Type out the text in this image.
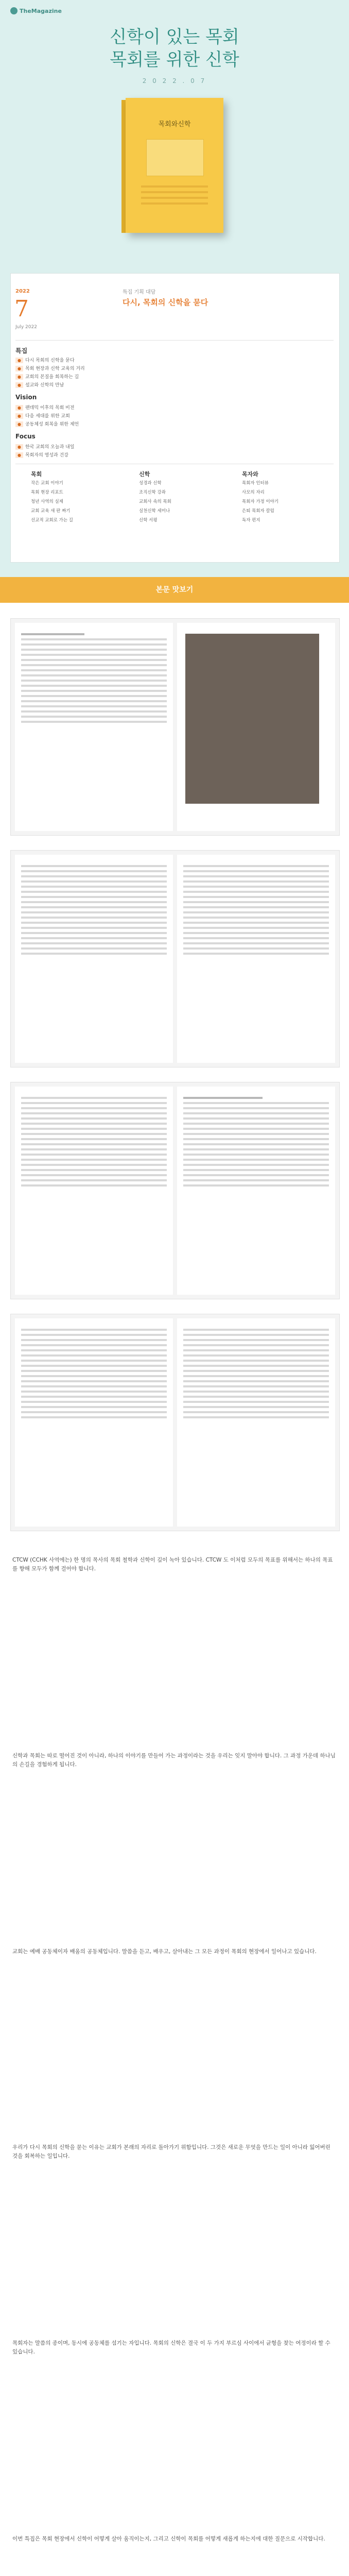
TheMagazine
신학이 있는 목회
목회를 위한 신학
2 0 2 2 . 0 7
목회와신학
2022
7
July 2022
특집 기획 대담
다시, 목회의 신학을 묻다
특집
● 다시 목회의 신학을 묻다
● 목회 현장과 신학 교육의 거리
● 교회의 본질을 회복하는 길
● 설교와 신학의 만남
Vision
● 팬데믹 이후의 목회 비전
● 다음 세대를 위한 교회
● 공동체성 회복을 위한 제언
Focus
● 한국 교회의 오늘과 내일
● 목회자의 영성과 건강
목회
작은 교회 이야기
목회 현장 리포트
청년 사역의 실제
교회 교육 새 판 짜기
선교적 교회로 가는 길
신학
성경과 신학
조직신학 강좌
교회사 속의 목회
실천신학 세미나
신학 서평
목자와
목회자 인터뷰
사모의 자리
목회자 가정 이야기
은퇴 목회자 칼럼
독자 편지
본문 맛보기
CTCW (CCHK 사역에는) 한 명의 목사의 목회 철학과 신학이 깊이 녹아 있습니다. CTCW 도 이처럼 모두의 목표를 위해서는 하나의 목표를 향해 모두가 함께 걸어야 합니다.
신학과 목회는 따로 떨어진 것이 아니라, 하나의 이야기를 만들어 가는 과정이라는 것을 우리는 잊지 말아야 합니다. 그 과정 가운데 하나님의 손길을 경험하게 됩니다.
교회는 예배 공동체이자 배움의 공동체입니다. 말씀을 듣고, 배우고, 살아내는 그 모든 과정이 목회의 현장에서 일어나고 있습니다.
우리가 다시 목회의 신학을 묻는 이유는 교회가 본래의 자리로 돌아가기 위함입니다. 그것은 새로운 무엇을 만드는 일이 아니라 잃어버린 것을 회복하는 일입니다.
목회자는 말씀의 종이며, 동시에 공동체를 섬기는 자입니다. 목회의 신학은 결국 이 두 가지 부르심 사이에서 균형을 찾는 여정이라 할 수 있습니다.
이번 특집은 목회 현장에서 신학이 어떻게 살아 움직이는지, 그리고 신학이 목회를 어떻게 새롭게 하는지에 대한 질문으로 시작합니다.
